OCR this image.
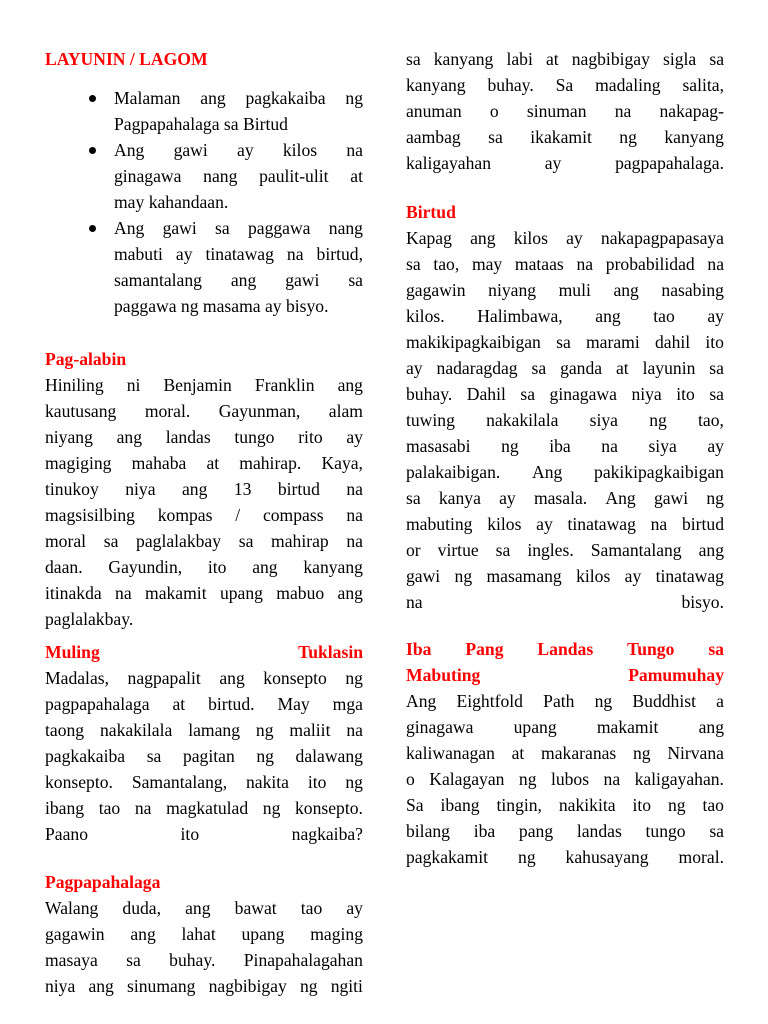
LAYUNIN / LAGOM
Malaman ang pagkakaiba ng
Pagpapahalaga sa Birtud
Ang gawi ay kilos na
ginagawa nang paulit-ulit at
may kahandaan.
Ang gawi sa paggawa nang
mabuti ay tinatawag na birtud,
samantalang ang gawi sa
paggawa ng masama ay bisyo.
Pag-alabin
Hiniling ni Benjamin Franklin ang
kautusang moral. Gayunman, alam
niyang ang landas tungo rito ay
magiging mahaba at mahirap. Kaya,
tinukoy niya ang 13 birtud na
magsisilbing kompas / compass na
moral sa paglalakbay sa mahirap na
daan. Gayundin, ito ang kanyang
itinakda na makamit upang mabuo ang
paglalakbay.
Muling	Tuklasin
Madalas, nagpapalit ang konsepto ng
pagpapahalaga at birtud. May mga
taong nakakilala lamang ng maliit na
pagkakaiba sa pagitan ng dalawang
konsepto. Samantalang, nakita ito ng
ibang tao na magkatulad ng konsepto.
Paano	ito	nagkaiba?
Pagpapahalaga
Walang duda, ang bawat tao ay
gagawin ang lahat upang maging
masaya sa buhay. Pinapahalagahan
niya ang sinumang nagbibigay ng ngiti
sa kanyang labi at nagbibigay sigla sa
kanyang buhay. Sa madaling salita,
anuman o sinuman na nakapag-
aambag sa ikakamit ng kanyang
kaligayahan	ay	pagpapahalaga.
Birtud
Kapag ang kilos ay nakapagpapasaya
sa tao, may mataas na probabilidad na
gagawin niyang muli ang nasabing
kilos. Halimbawa, ang tao ay
makikipagkaibigan sa marami dahil ito
ay nadaragdag sa ganda at layunin sa
buhay. Dahil sa ginagawa niya ito sa
tuwing nakakilala siya ng tao,
masasabi ng iba na siya ay
palakaibigan. Ang pakikipagkaibigan
sa kanya ay masala. Ang gawi ng
mabuting kilos ay tinatawag na birtud
or virtue sa ingles. Samantalang ang
gawi ng masamang kilos ay tinatawag
na	bisyo.
Iba Pang Landas Tungo sa
Mabuting	Pamumuhay
Ang Eightfold Path ng Buddhist a
ginagawa upang makamit ang
kaliwanagan at makaranas ng Nirvana
o Kalagayan ng lubos na kaligayahan.
Sa ibang tingin, nakikita ito ng tao
bilang iba pang landas tungo sa
pagkakamit ng kahusayang moral.
